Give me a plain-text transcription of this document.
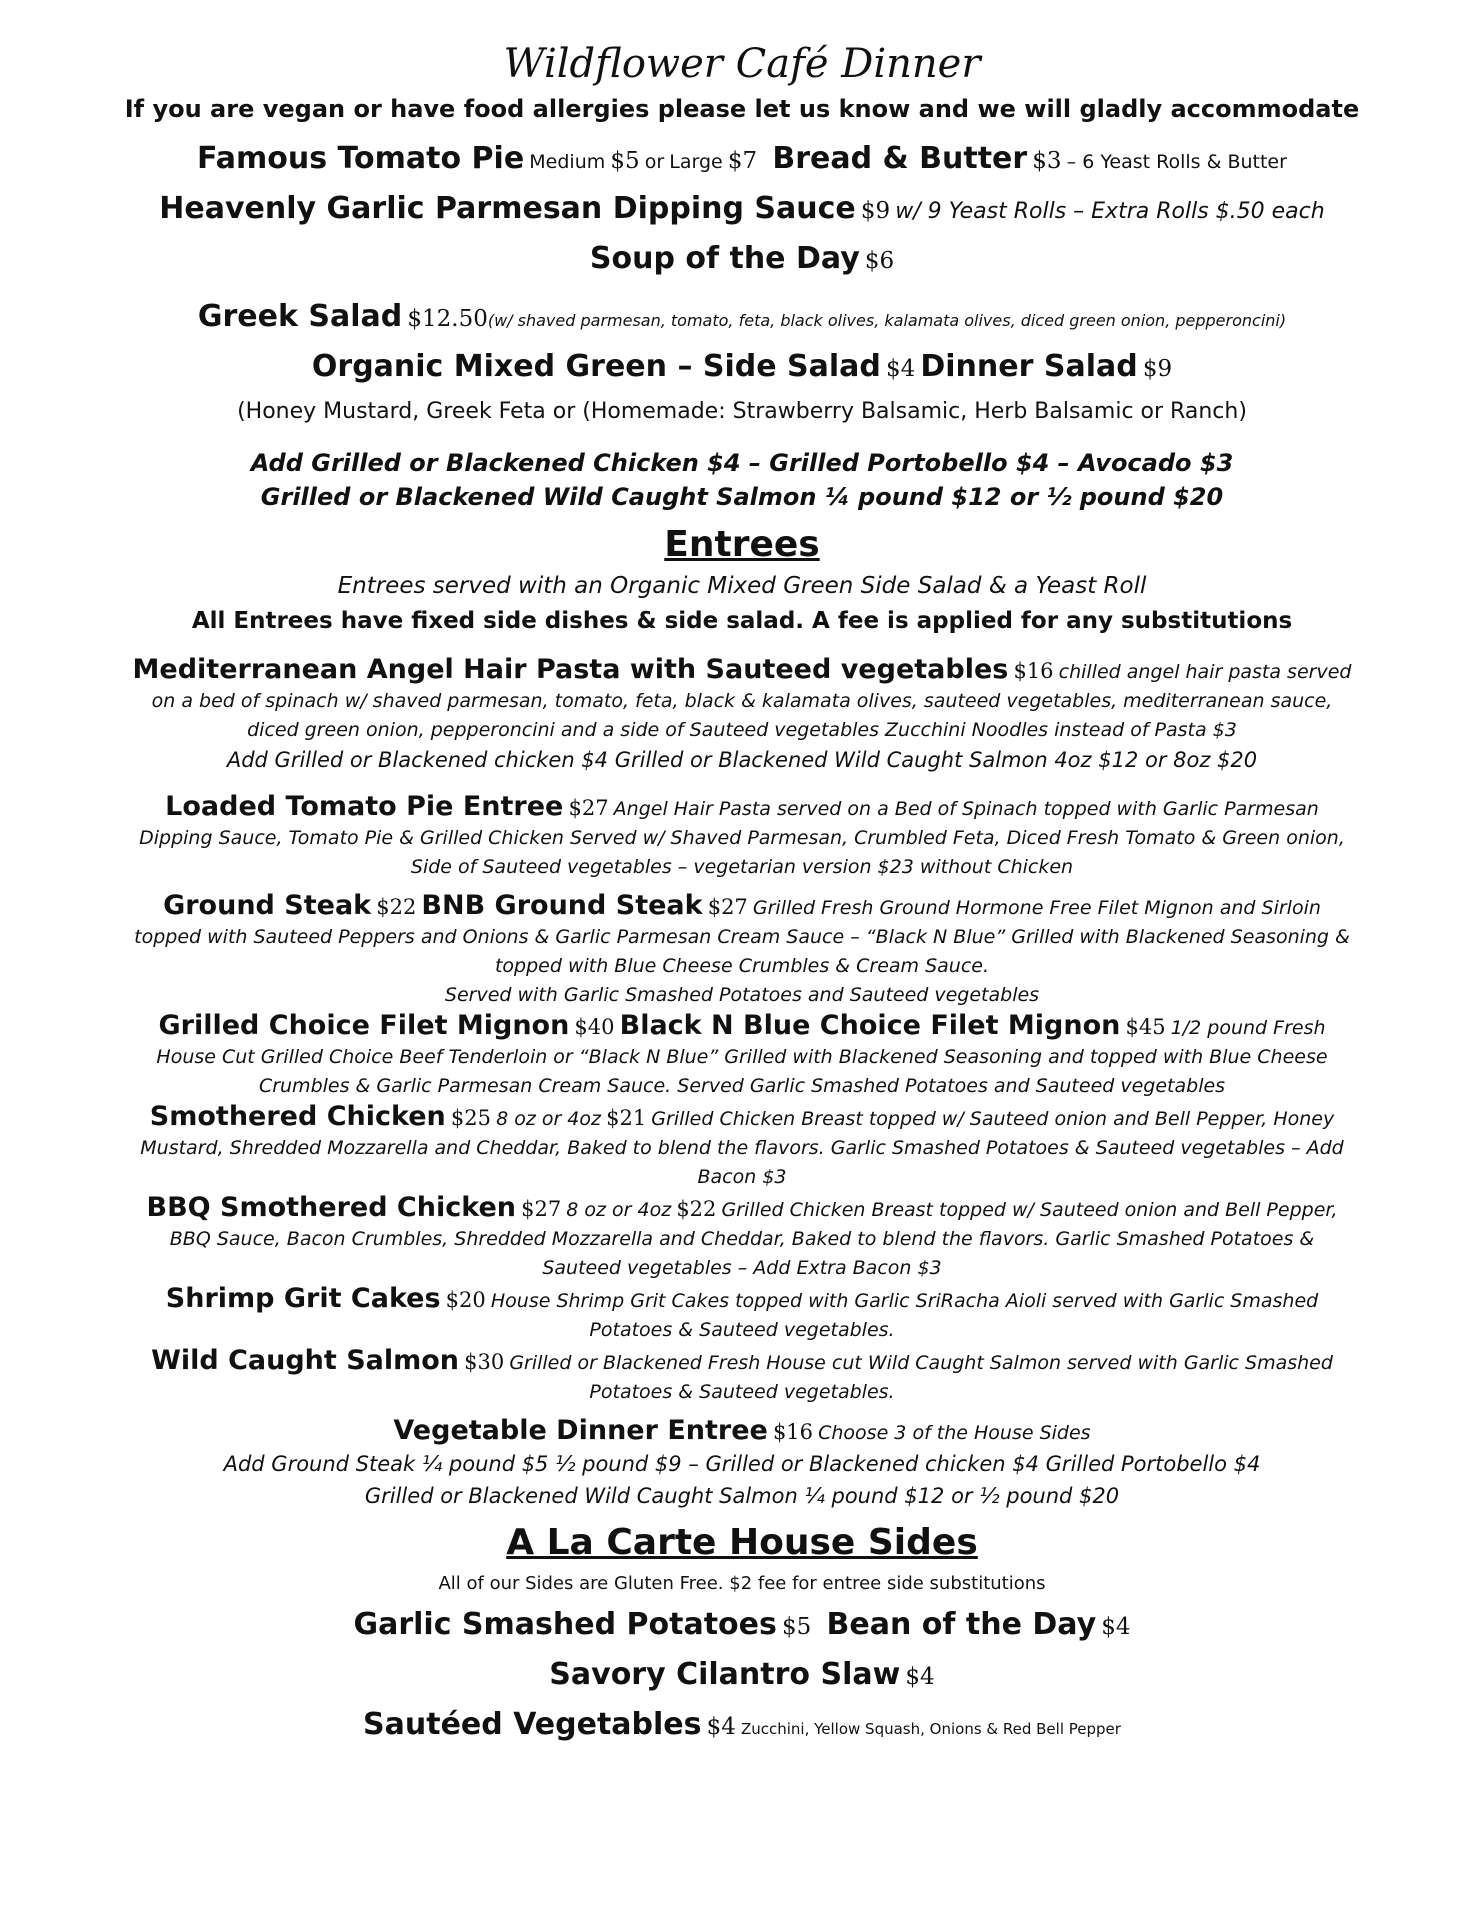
Wildflower Café Dinner

If you are vegan or have food allergies please let us know and we will gladly accommodate

Famous Tomato Pie Medium $5 or Large $7 Bread & Butter $3 – 6 Yeast Rolls & Butter

Heavenly Garlic Parmesan Dipping Sauce $9 w/ 9 Yeast Rolls – Extra Rolls $.50 each

Soup of the Day $6

Greek Salad $12.50(w/ shaved parmesan, tomato, feta, black olives, kalamata olives, diced green onion, pepperoncini)

Organic Mixed Green – Side Salad $4 Dinner Salad $9

(Honey Mustard, Greek Feta or (Homemade: Strawberry Balsamic, Herb Balsamic or Ranch)

Add Grilled or Blackened Chicken $4 – Grilled Portobello $4 – Avocado $3

Grilled or Blackened Wild Caught Salmon ¼ pound $12 or ½ pound $20

Entrees

Entrees served with an Organic Mixed Green Side Salad & a Yeast Roll

All Entrees have fixed side dishes & side salad. A fee is applied for any substitutions

Mediterranean Angel Hair Pasta with Sauteed vegetables $16 chilled angel hair pasta served on a bed of spinach w/ shaved parmesan, tomato, feta, black & kalamata olives, sauteed vegetables, mediterranean sauce, diced green onion, pepperoncini and a side of Sauteed vegetables Zucchini Noodles instead of Pasta $3
Add Grilled or Blackened chicken $4 Grilled or Blackened Wild Caught Salmon 4oz $12 or 8oz $20
Loaded Tomato Pie Entree $27 Angel Hair Pasta served on a Bed of Spinach topped with Garlic Parmesan Dipping Sauce, Tomato Pie & Grilled Chicken Served w/ Shaved Parmesan, Crumbled Feta, Diced Fresh Tomato & Green onion, Side of Sauteed vegetables – vegetarian version $23 without Chicken
Ground Steak $22 BNB Ground Steak $27 Grilled Fresh Ground Hormone Free Filet Mignon and Sirloin topped with Sauteed Peppers and Onions & Garlic Parmesan Cream Sauce – “Black N Blue” Grilled with Blackened Seasoning & topped with Blue Cheese Crumbles & Cream Sauce.
Served with Garlic Smashed Potatoes and Sauteed vegetables
Grilled Choice Filet Mignon $40 Black N Blue Choice Filet Mignon $45 1/2 pound Fresh House Cut Grilled Choice Beef Tenderloin or “Black N Blue” Grilled with Blackened Seasoning and topped with Blue Cheese Crumbles & Garlic Parmesan Cream Sauce. Served Garlic Smashed Potatoes and Sauteed vegetables
Smothered Chicken $25 8 oz or 4oz $21 Grilled Chicken Breast topped w/ Sauteed onion and Bell Pepper, Honey Mustard, Shredded Mozzarella and Cheddar, Baked to blend the flavors. Garlic Smashed Potatoes & Sauteed vegetables – Add Bacon $3
BBQ Smothered Chicken $27 8 oz or 4oz $22 Grilled Chicken Breast topped w/ Sauteed onion and Bell Pepper, BBQ Sauce, Bacon Crumbles, Shredded Mozzarella and Cheddar, Baked to blend the flavors. Garlic Smashed Potatoes & Sauteed vegetables – Add Extra Bacon $3
Shrimp Grit Cakes $20 House Shrimp Grit Cakes topped with Garlic SriRacha Aioli served with Garlic Smashed Potatoes & Sauteed vegetables.
Wild Caught Salmon $30 Grilled or Blackened Fresh House cut Wild Caught Salmon served with Garlic Smashed Potatoes & Sauteed vegetables.
Vegetable Dinner Entree $16 Choose 3 of the House Sides
Add Ground Steak ¼ pound $5 ½ pound $9 – Grilled or Blackened chicken $4 Grilled Portobello $4
Grilled or Blackened Wild Caught Salmon ¼ pound $12 or ½ pound $20
A La Carte House Sides

All of our Sides are Gluten Free. $2 fee for entree side substitutions

Garlic Smashed Potatoes $5 Bean of the Day $4

Savory Cilantro Slaw $4

Sautéed Vegetables $4 Zucchini, Yellow Squash, Onions & Red Bell Pepper
